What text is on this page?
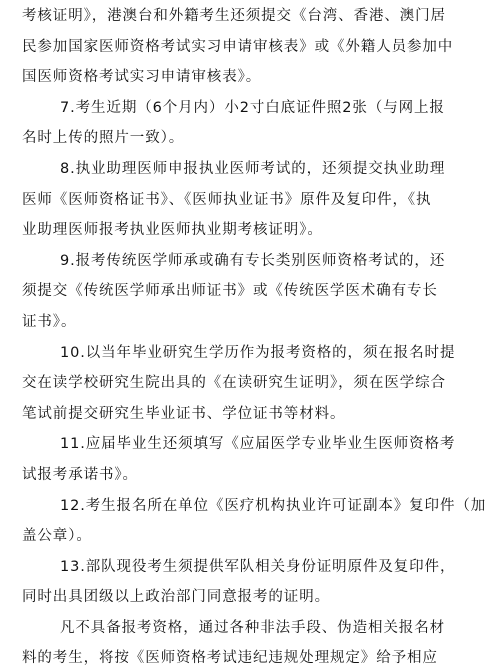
考核证明》，港澳台和外籍考生还须提交《台湾、香港、澳门居
民参加国家医师资格考试实习申请审核表》或《外籍人员参加中
国医师资格考试实习申请审核表》。
7.考生近期（6个月内）小2寸白底证件照2张（与网上报
名时上传的照片一致）。
8.执业助理医师申报执业医师考试的，还须提交执业助理
医师《医师资格证书》、《医师执业证书》原件及复印件，《执
业助理医师报考执业医师执业期考核证明》。
9.报考传统医学师承或确有专长类别医师资格考试的，还
须提交《传统医学师承出师证书》或《传统医学医术确有专长
证书》。
10.以当年毕业研究生学历作为报考资格的，须在报名时提
交在读学校研究生院出具的《在读研究生证明》，须在医学综合
笔试前提交研究生毕业证书、学位证书等材料。
11.应届毕业生还须填写《应届医学专业毕业生医师资格考
试报考承诺书》。
12.考生报名所在单位《医疗机构执业许可证副本》复印件（加
盖公章）。
13.部队现役考生须提供军队相关身份证明原件及复印件，
同时出具团级以上政治部门同意报考的证明。
凡不具备报考资格，通过各种非法手段、伪造相关报名材
料的考生，将按《医师资格考试违纪违规处理规定》给予相应
